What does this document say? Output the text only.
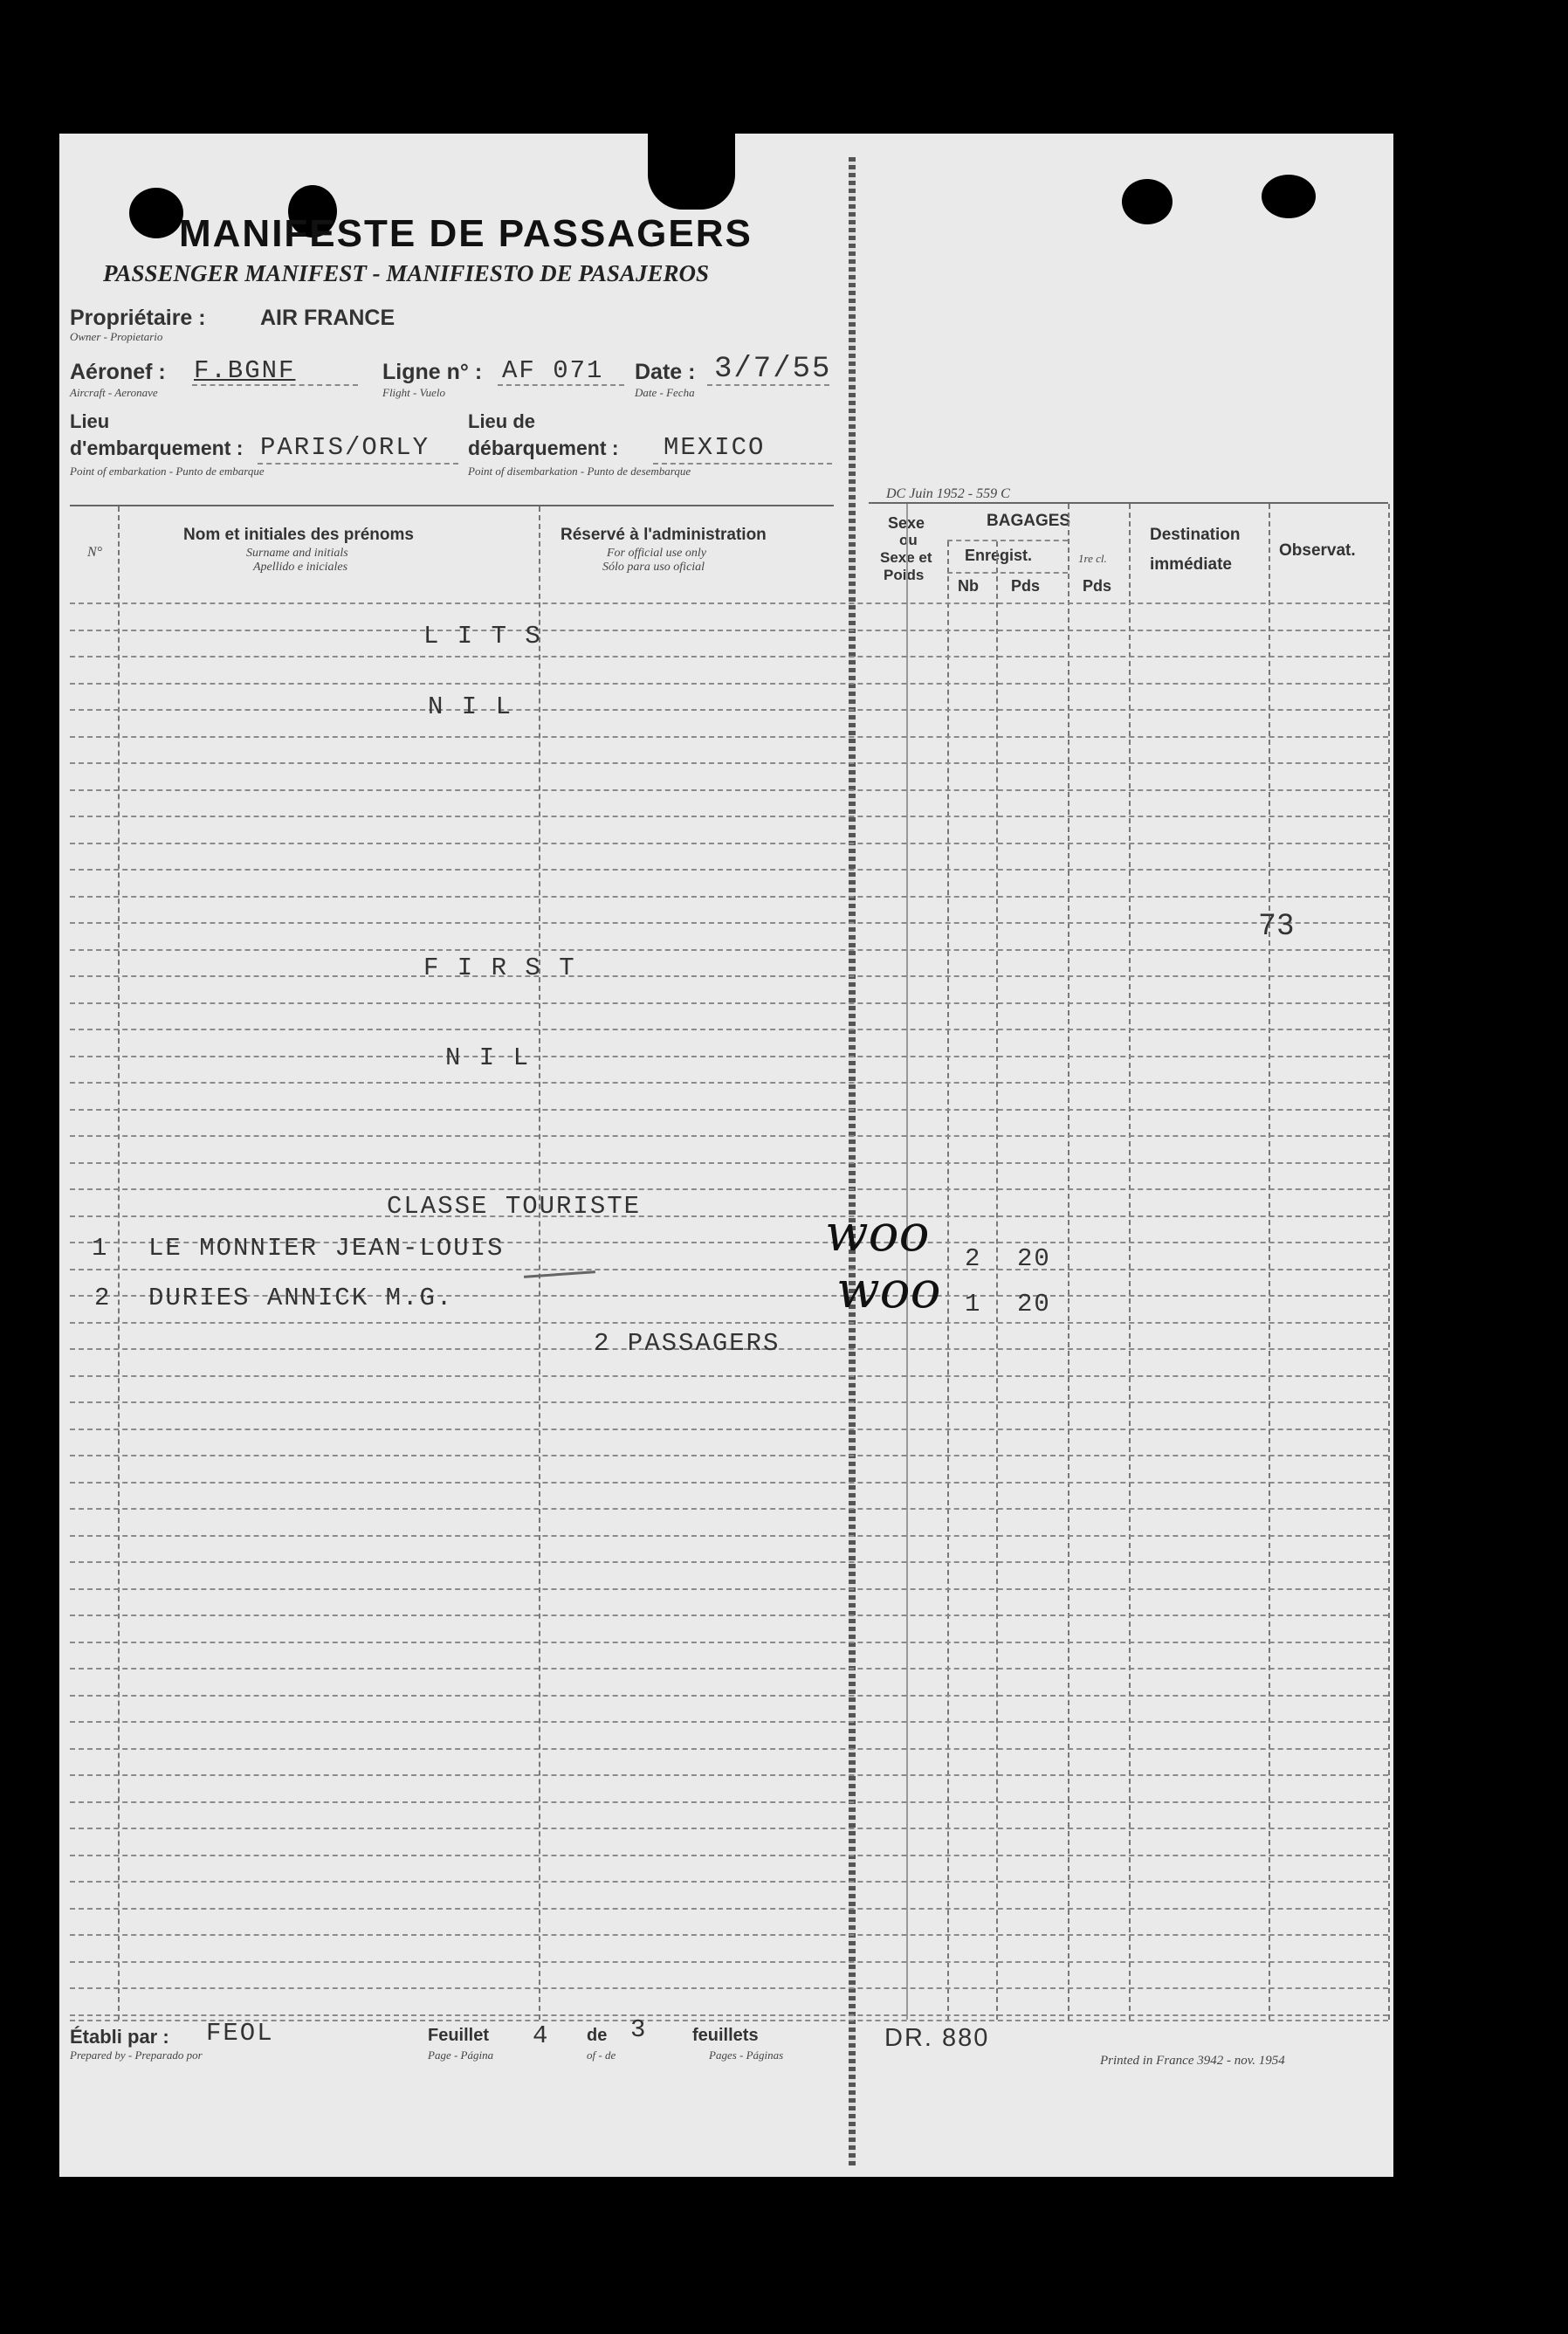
MANIFESTE DE PASSAGERS
PASSENGER MANIFEST - MANIFIESTO DE PASAJEROS
Propriétaire : AIR FRANCE
Owner - Propietario
Aéronef : F.BGNF
Aircraft - Aeronave
Ligne n° : AF 071
Flight - Vuelo
Date : 3/7/55
Date - Fecha
Lieu
d'embarquement : PARIS/ORLY
Point of embarkation - Punto de embarque
Lieu de
débarquement : MEXICO
Point of disembarkation - Punto de desembarque
DC Juin 1952 - 559 C
N°
Nom et initiales des prénoms
Surname and initials
Apellido e iniciales
Réservé à l'administration
For official use only
Sólo para uso oficial
Sexe
ou
Sexe et
Poids
BAGAGES
Enregist.
Nb Pds
1re cl.
Pds
Destination
immédiate
Observat.
L I T S
N I L
73
F I R S T
N I L
CLASSE TOURISTE
1 LE MONNIER JEAN-LOUIS	woo 2 20
2 DURIES ANNICK M.G.	woo 1 20
2 PASSAGERS
Établi par : FEOL
Prepared by - Preparado por
Feuillet 4 de 3	feuillets
Page - Página	of - de	Pages - Páginas
DR. 880
Printed in France 3942 - nov. 1954
